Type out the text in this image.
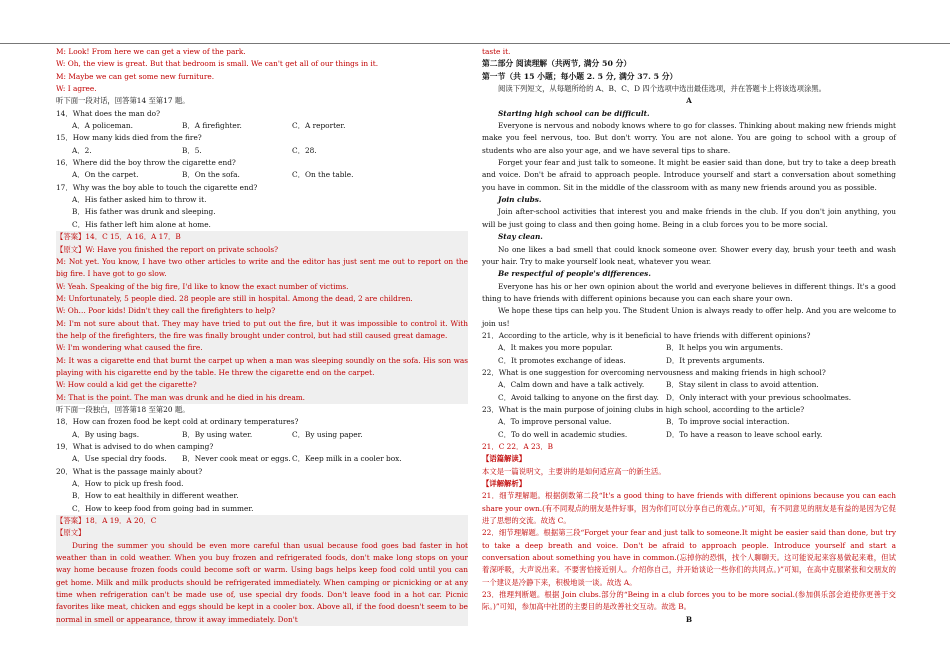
M: Look! From here we can get a view of the park.
W: Oh, the view is great. But that bedroom is small. We can't get all of our things in it.
M: Maybe we can get some new furniture.
W: I agree.
听下面一段对话，回答第14 至第17 题。
14．What does the man do?
A．A policeman.	B．A firefighter.	C．A reporter.
15．How many kids died from the fire?
A．2.	B．5.	C．28.
16．Where did the boy throw the cigarette end?
A．On the carpet.	B．On the sofa.	C．On the table.
17．Why was the boy able to touch the cigarette end?
A．His father asked him to throw it.
B．His father was drunk and sleeping.
C．His father left him alone at home.
【答案】14．C 15．A 16．A 17．B
【原文】W: Have you finished the report on private schools?
M: Not yet. You know, I have two other articles to write and the editor has just sent me out to report on the big fire. I have got to go slow.
W: Yeah. Speaking of the big fire, I'd like to know the exact number of victims.
M: Unfortunately, 5 people died. 28 people are still in hospital. Among the dead, 2 are children.
W: Oh… Poor kids! Didn't they call the firefighters to help?
M: I'm not sure about that. They may have tried to put out the fire, but it was impossible to control it. With the help of the firefighters, the fire was finally brought under control, but had still caused great damage.
W: I'm wondering what caused the fire.
M: It was a cigarette end that burnt the carpet up when a man was sleeping soundly on the sofa. His son was playing with his cigarette end by the table. He threw the cigarette end on the carpet.
W: How could a kid get the cigarette?
M: That is the point. The man was drunk and he died in his dream.
听下面一段独白，回答第18 至第20 题。
18．How can frozen food be kept cold at ordinary temperatures?
A．By using bags.	B．By using water.	C．By using paper.
19．What is advised to do when camping?
A．Use special dry foods.	B．Never cook meat or eggs. C．Keep milk in a cooler box.
20．What is the passage mainly about?
A．How to pick up fresh food.
B．How to eat healthily in different weather.
C．How to keep food from going bad in summer.
【答案】18．A 19．A 20．C
【原文】
During the summer you should be even more careful than usual because food goes bad faster in hot weather than in cold weather. When you buy frozen and refrigerated foods, don't make long stops on your way home because frozen foods could become soft or warm. Using bags helps keep food cold until you can get home. Milk and milk products should be refrigerated immediately. When camping or picnicking or at any time when refrigeration can't be made use of, use special dry foods. Don't leave food in a hot car. Picnic favorites like meat, chicken and eggs should be kept in a cooler box. Above all, if the food doesn't seem to be normal in smell or appearance, throw it away immediately. Don't
taste it.
第二部分 阅读理解（共两节, 满分 50 分）
第一节（共 15 小题；每小题 2. 5 分, 满分 37. 5 分）
阅读下列短文，从每题所给的 A、B、C、D 四个选项中选出最佳选项，并在答题卡上将该选项涂黑。
A
Starting high school can be difficult.
Everyone is nervous and nobody knows where to go for classes. Thinking about making new friends might make you feel nervous, too. But don't worry. You are not alone. You are going to school with a group of students who are also your age, and we have several tips to share.
Forget your fear and just talk to someone. It might be easier said than done, but try to take a deep breath and voice. Don't be afraid to approach people. Introduce yourself and start a conversation about something you have in common. Sit in the middle of the classroom with as many new friends around you as possible.
Join clubs.
Join after-school activities that interest you and make friends in the club. If you don't join anything, you will be just going to class and then going home. Being in a club forces you to be more social.
Stay clean.
No one likes a bad smell that could knock someone over. Shower every day, brush your teeth and wash your hair. Try to make yourself look neat, whatever you wear.
Be respectful of people's differences.
Everyone has his or her own opinion about the world and everyone believes in different things. It's a good thing to have friends with different opinions because you can each share your own.
We hope these tips can help you. The Student Union is always ready to offer help. And you are welcome to join us!
21．According to the article, why is it beneficial to have friends with different opinions?
A．It makes you more popular.	B．It helps you win arguments.
C．It promotes exchange of ideas.	D．It prevents arguments.
22．What is one suggestion for overcoming nervousness and making friends in high school?
A．Calm down and have a talk actively.	B．Stay silent in class to avoid attention.
C．Avoid talking to anyone on the first day. D．Only interact with your previous schoolmates.
23．What is the main purpose of joining clubs in high school, according to the article?
A．To improve personal value.	B．To improve social interaction.
C．To do well in academic studies.	D．To have a reason to leave school early.
21．C 22．A 23．B
【语篇解读】
本文是一篇说明文，主要讲的是如何适应高一的新生活。
【详解解析】
21．细节理解题。根据倒数第二段“It's a good thing to have friends with different opinions because you can each share your own.(有不同观点的朋友是件好事，因为你们可以分享自己的观点。)”可知，有不同意见的朋友是有益的是因为它促进了思想的交流。故选 C。
22．细节理解题。根据第三段“Forget your fear and just talk to someone.It might be easier said than done, but try to take a deep breath and voice. Don't be afraid to approach people. Introduce yourself and start a conversation about something you have in common.(忘掉你的恐惧，找个人聊聊天。这可能说起来容易做起来难，但试着深呼吸，大声说出来。不要害怕接近别人。介绍你自己，并开始谈论一些你们的共同点。)”可知，在高中克服紧张和交朋友的一个建议是冷静下来，积极地谈一谈。故选 A。
23．推理判断题。根据 Join clubs.部分的“Being in a club forces you to be more social.(参加俱乐部会迫使你更善于交际。)”可知，参加高中社团的主要目的是改善社交互动。故选 B。
B
